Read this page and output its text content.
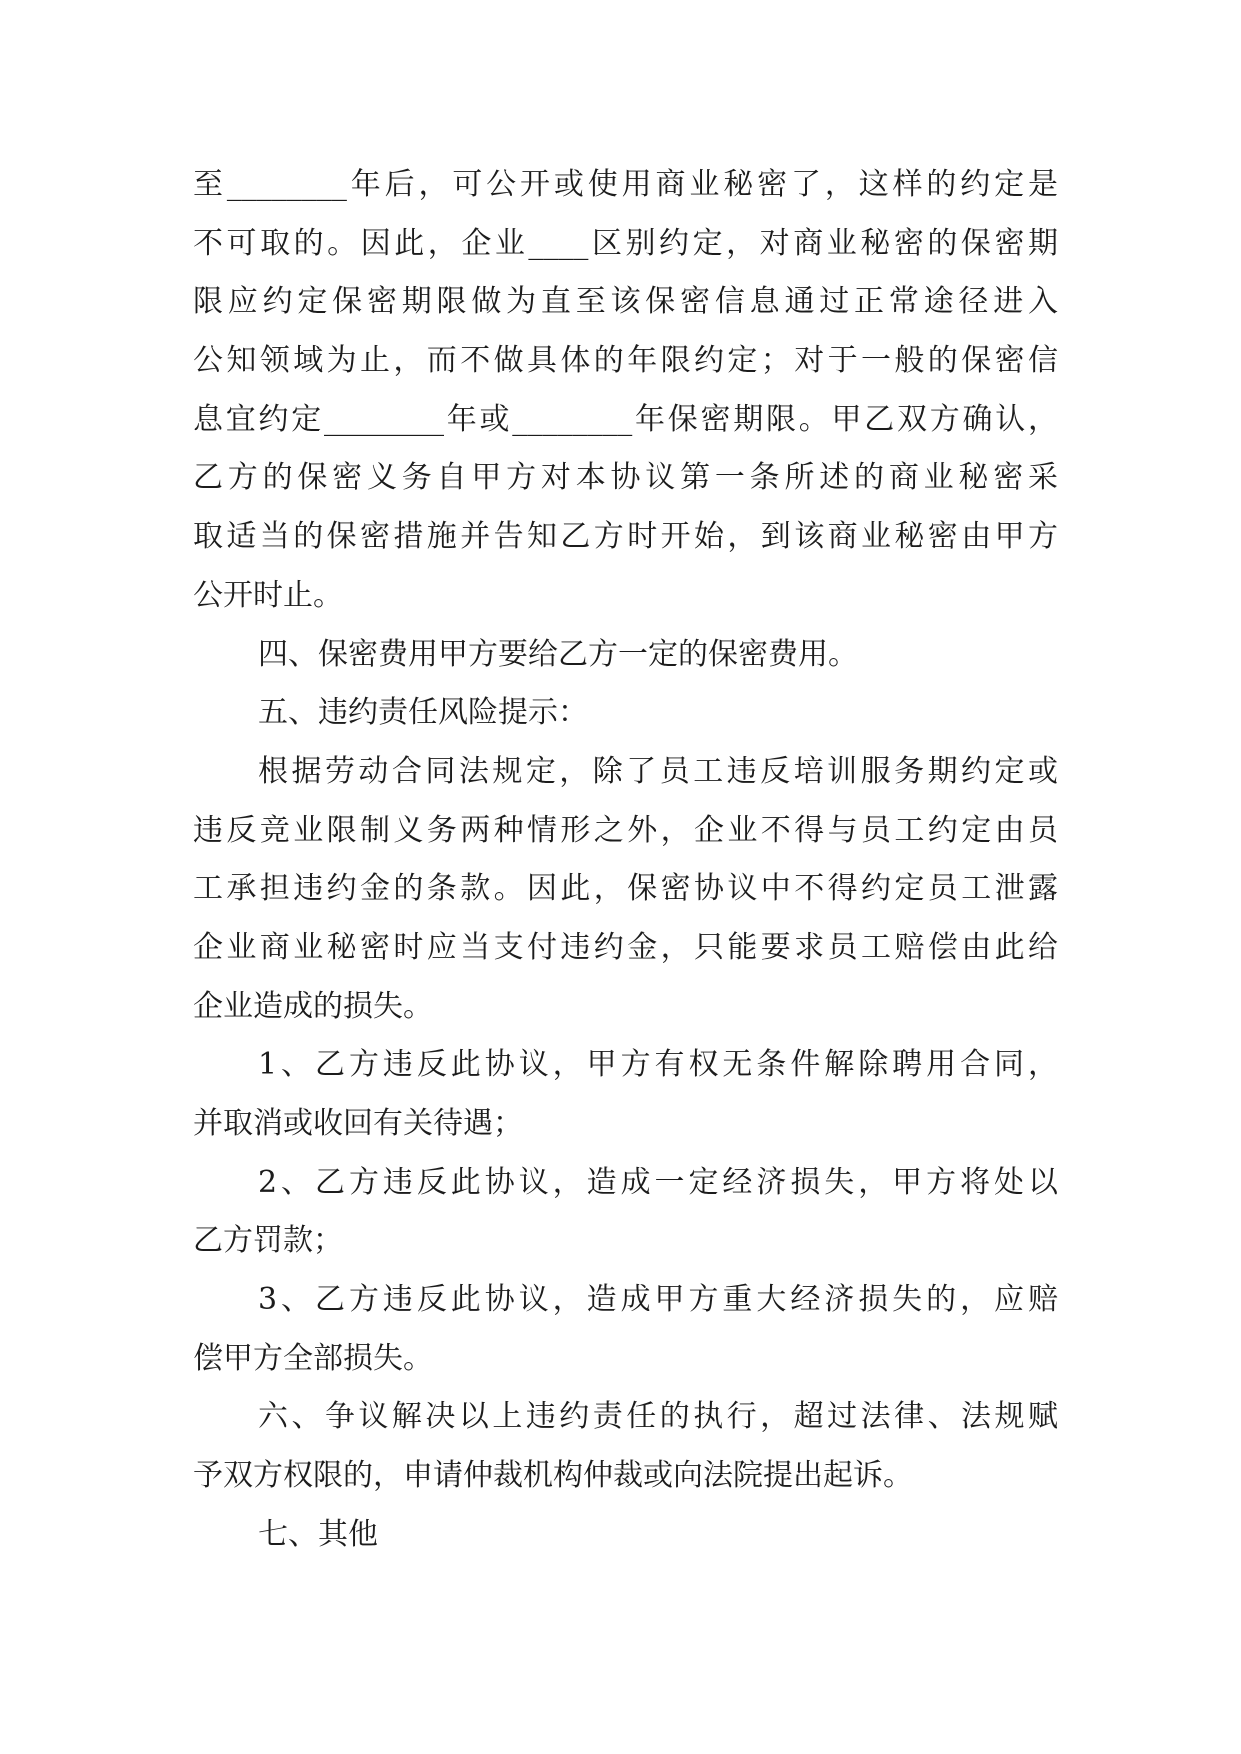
至________年后，可公开或使用商业秘密了，这样的约定是
不可取的。因此，企业____区别约定，对商业秘密的保密期
限应约定保密期限做为直至该保密信息通过正常途径进入
公知领域为止，而不做具体的年限约定；对于一般的保密信
息宜约定________年或________年保密期限。甲乙双方确认，
乙方的保密义务自甲方对本协议第一条所述的商业秘密采
取适当的保密措施并告知乙方时开始，到该商业秘密由甲方
公开时止。
四、保密费用甲方要给乙方一定的保密费用。
五、违约责任风险提示：
根据劳动合同法规定，除了员工违反培训服务期约定或
违反竞业限制义务两种情形之外，企业不得与员工约定由员
工承担违约金的条款。因此，保密协议中不得约定员工泄露
企业商业秘密时应当支付违约金，只能要求员工赔偿由此给
企业造成的损失。
1、乙方违反此协议，甲方有权无条件解除聘用合同，
并取消或收回有关待遇；
2、乙方违反此协议，造成一定经济损失，甲方将处以
乙方罚款；
3、乙方违反此协议，造成甲方重大经济损失的，应赔
偿甲方全部损失。
六、争议解决以上违约责任的执行，超过法律、法规赋
予双方权限的，申请仲裁机构仲裁或向法院提出起诉。
七、其他
